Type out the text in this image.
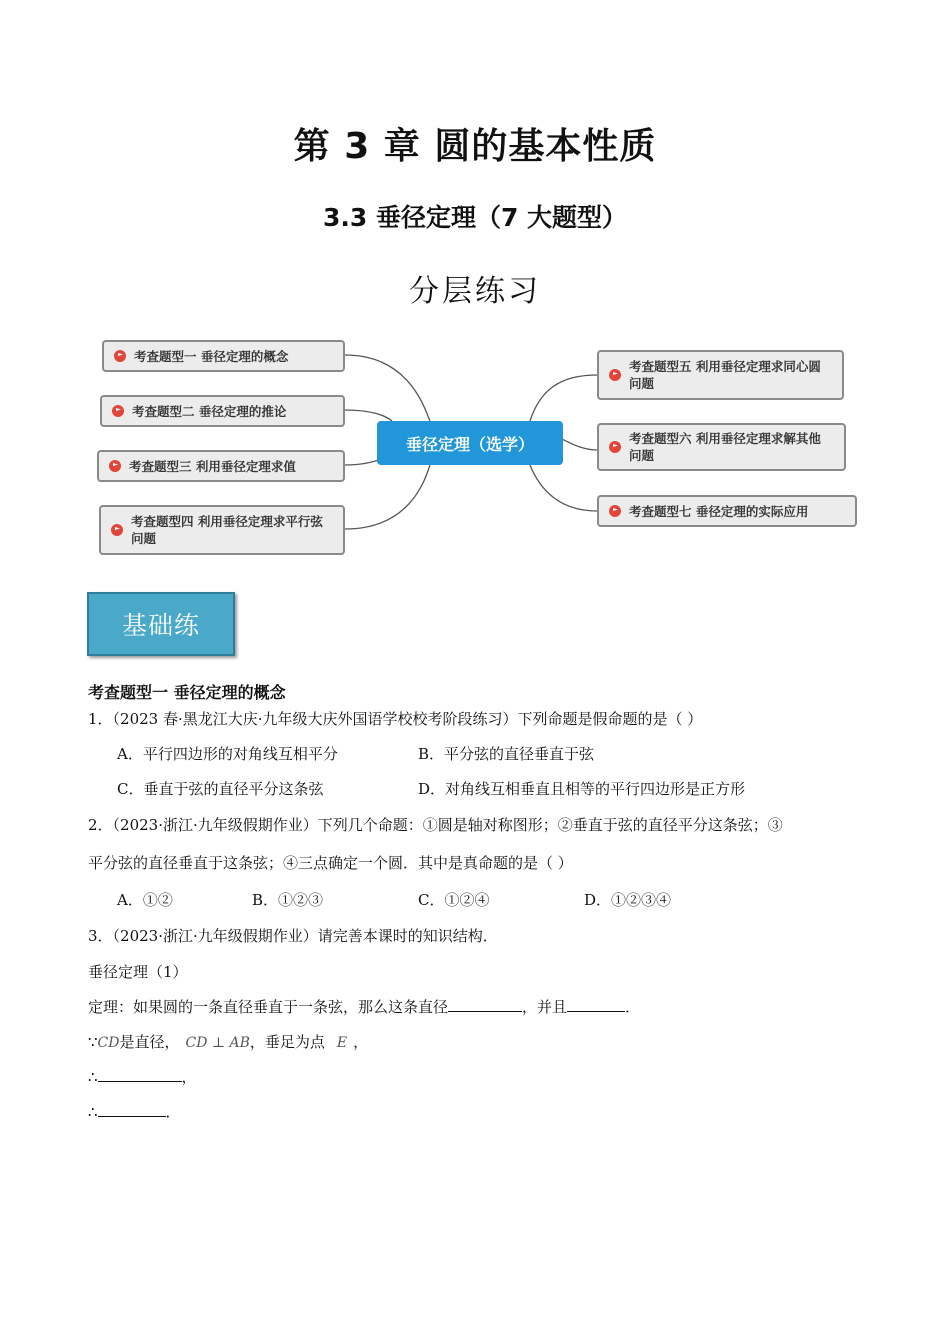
第 3 章 圆的基本性质
3.3 垂径定理（7 大题型）
分层练习
垂径定理（选学）
考查题型一 垂径定理的概念
考查题型二 垂径定理的推论
考查题型三 利用垂径定理求值
考查题型四 利用垂径定理求平行弦
问题
考查题型五 利用垂径定理求同心圆
问题
考查题型六 利用垂径定理求解其他
问题
考查题型七 垂径定理的实际应用
基础练
考查题型一 垂径定理的概念
1．（2023 春·黑龙江大庆·九年级大庆外国语学校校考阶段练习）下列命题是假命题的是（ ）
A．平行四边形的对角线互相平分	B．平分弦的直径垂直于弦
C．垂直于弦的直径平分这条弦	D．对角线互相垂直且相等的平行四边形是正方形
2．（2023·浙江·九年级假期作业）下列几个命题：①圆是轴对称图形；②垂直于弦的直径平分这条弦；③
平分弦的直径垂直于这条弦；④三点确定一个圆．其中是真命题的是（ ）
A．①②	B．①②③	C．①②④	D．①②③④
3．（2023·浙江·九年级假期作业）请完善本课时的知识结构．
垂径定理（1）
定理：如果圆的一条直径垂直于一条弦，那么这条直径	，并且	．
∵CD是直径， CD ⊥ AB，垂足为点 E ，
∴	，
∴	．
